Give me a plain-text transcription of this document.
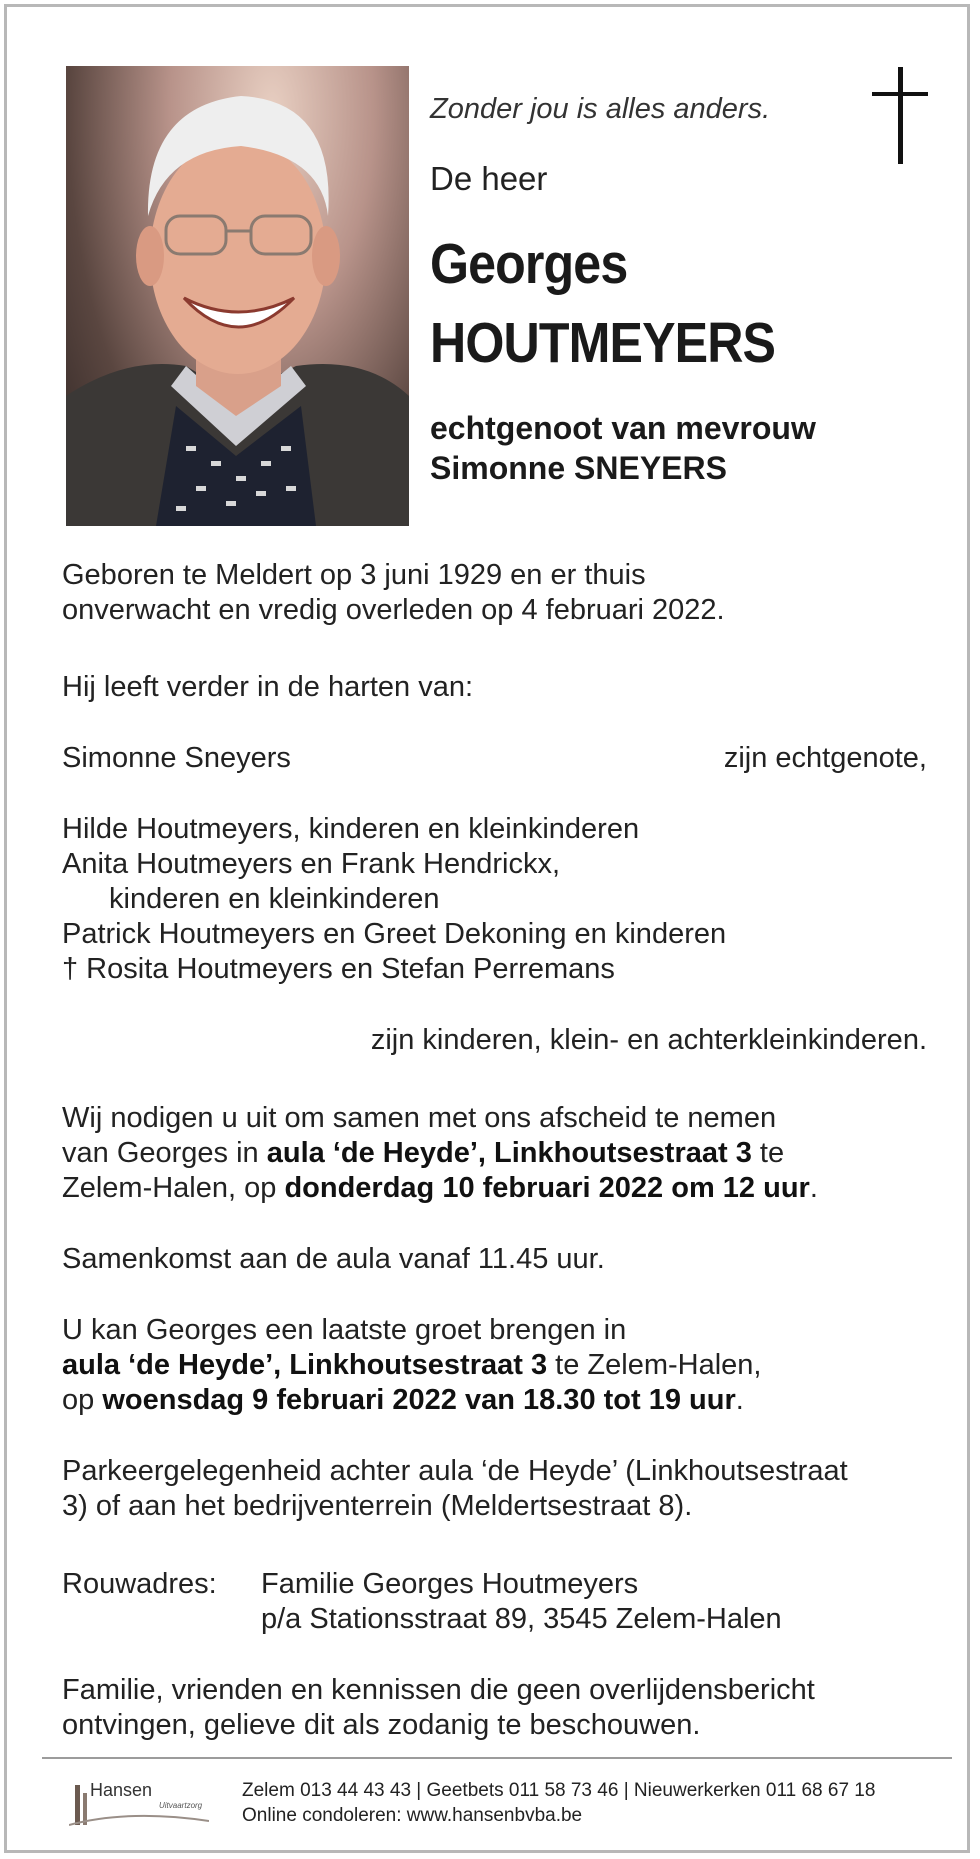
Zonder jou is alles anders.
De heer
Georges
HOUTMEYERS
echtgenoot van mevrouw
Simonne SNEYERS
Geboren te Meldert op 3 juni 1929 en er thuis
onverwacht en vredig overleden op 4 februari 2022.
Hij leeft verder in de harten van:
Simonne Sneyers	zijn echtgenote,
Hilde Houtmeyers, kinderen en kleinkinderen
Anita Houtmeyers en Frank Hendrickx,
kinderen en kleinkinderen
Patrick Houtmeyers en Greet Dekoning en kinderen
† Rosita Houtmeyers en Stefan Perremans
zijn kinderen, klein- en achterkleinkinderen.
Wij nodigen u uit om samen met ons afscheid te nemen
van Georges in aula ‘de Heyde’, Linkhoutsestraat 3 te
Zelem-Halen, op donderdag 10 februari 2022 om 12 uur.
Samenkomst aan de aula vanaf 11.45 uur.
U kan Georges een laatste groet brengen in
aula ‘de Heyde’, Linkhoutsestraat 3 te Zelem-Halen,
op woensdag 9 februari 2022 van 18.30 tot 19 uur.
Parkeergelegenheid achter aula ‘de Heyde’ (Linkhoutsestraat
3) of aan het bedrijventerrein (Meldertsestraat 8).
Rouwadres: Familie Georges Houtmeyers
p/a Stationsstraat 89, 3545 Zelem-Halen
Familie, vrienden en kennissen die geen overlijdensbericht
ontvingen, gelieve dit als zodanig te beschouwen.
Hansen
Uitvaartzorg
Zelem 013 44 43 43 | Geetbets 011 58 73 46 | Nieuwerkerken 011 68 67 18
Online condoleren: www.hansenbvba.be
